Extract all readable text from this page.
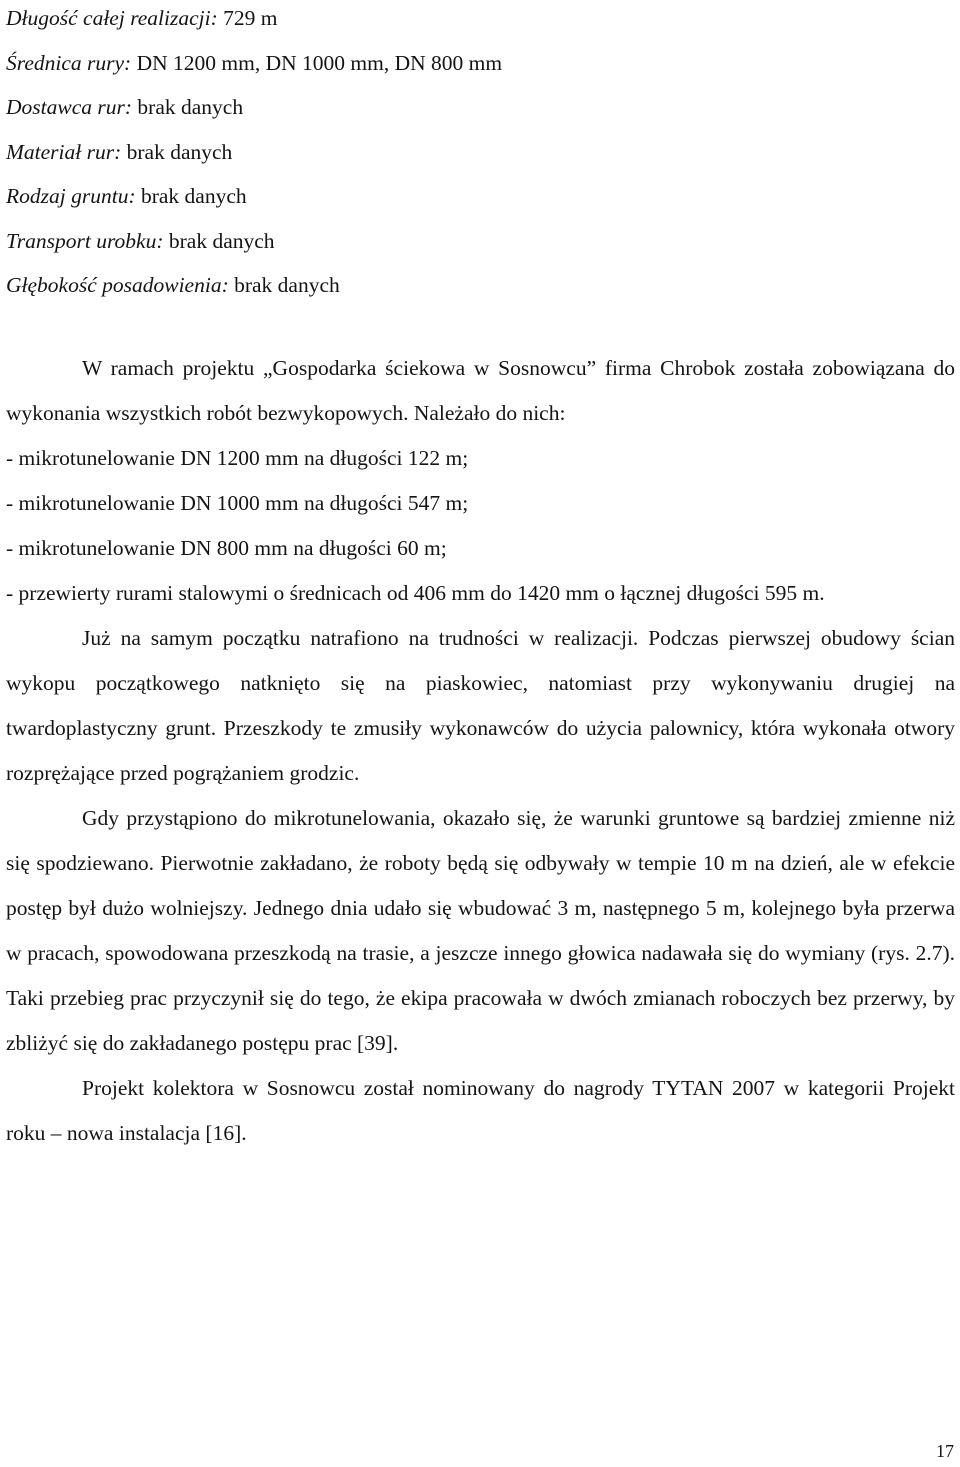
Długość całej realizacji: 729 m
Średnica rury: DN 1200 mm, DN 1000 mm, DN 800 mm
Dostawca rur: brak danych
Materiał rur: brak danych
Rodzaj gruntu: brak danych
Transport urobku: brak danych
Głębokość posadowienia: brak danych

W ramach projektu „Gospodarka ściekowa w Sosnowcu” firma Chrobok została zobowiązana do wykonania wszystkich robót bezwykopowych. Należało do nich:

- mikrotunelowanie DN 1200 mm na długości 122 m;

- mikrotunelowanie DN 1000 mm na długości 547 m;

- mikrotunelowanie DN 800 mm na długości 60 m;

- przewierty rurami stalowymi o średnicach od 406 mm do 1420 mm o łącznej długości 595 m.

Już na samym początku natrafiono na trudności w realizacji. Podczas pierwszej obudowy ścian wykopu początkowego natknięto się na piaskowiec, natomiast przy wykonywaniu drugiej na twardoplastyczny grunt. Przeszkody te zmusiły wykonawców do użycia palownicy, która wykonała otwory rozprężające przed pogrążaniem grodzic.

Gdy przystąpiono do mikrotunelowania, okazało się, że warunki gruntowe są bardziej zmienne niż się spodziewano. Pierwotnie zakładano, że roboty będą się odbywały w tempie 10 m na dzień, ale w efekcie postęp był dużo wolniejszy. Jednego dnia udało się wbudować 3 m, następnego 5 m, kolejnego była przerwa w pracach, spowodowana przeszkodą na trasie, a jeszcze innego głowica nadawała się do wymiany (rys. 2.7). Taki przebieg prac przyczynił się do tego, że ekipa pracowała w dwóch zmianach roboczych bez przerwy, by zbliżyć się do zakładanego postępu prac [39].

Projekt kolektora w Sosnowcu został nominowany do nagrody TYTAN 2007 w kategorii Projekt roku – nowa instalacja [16].

17
